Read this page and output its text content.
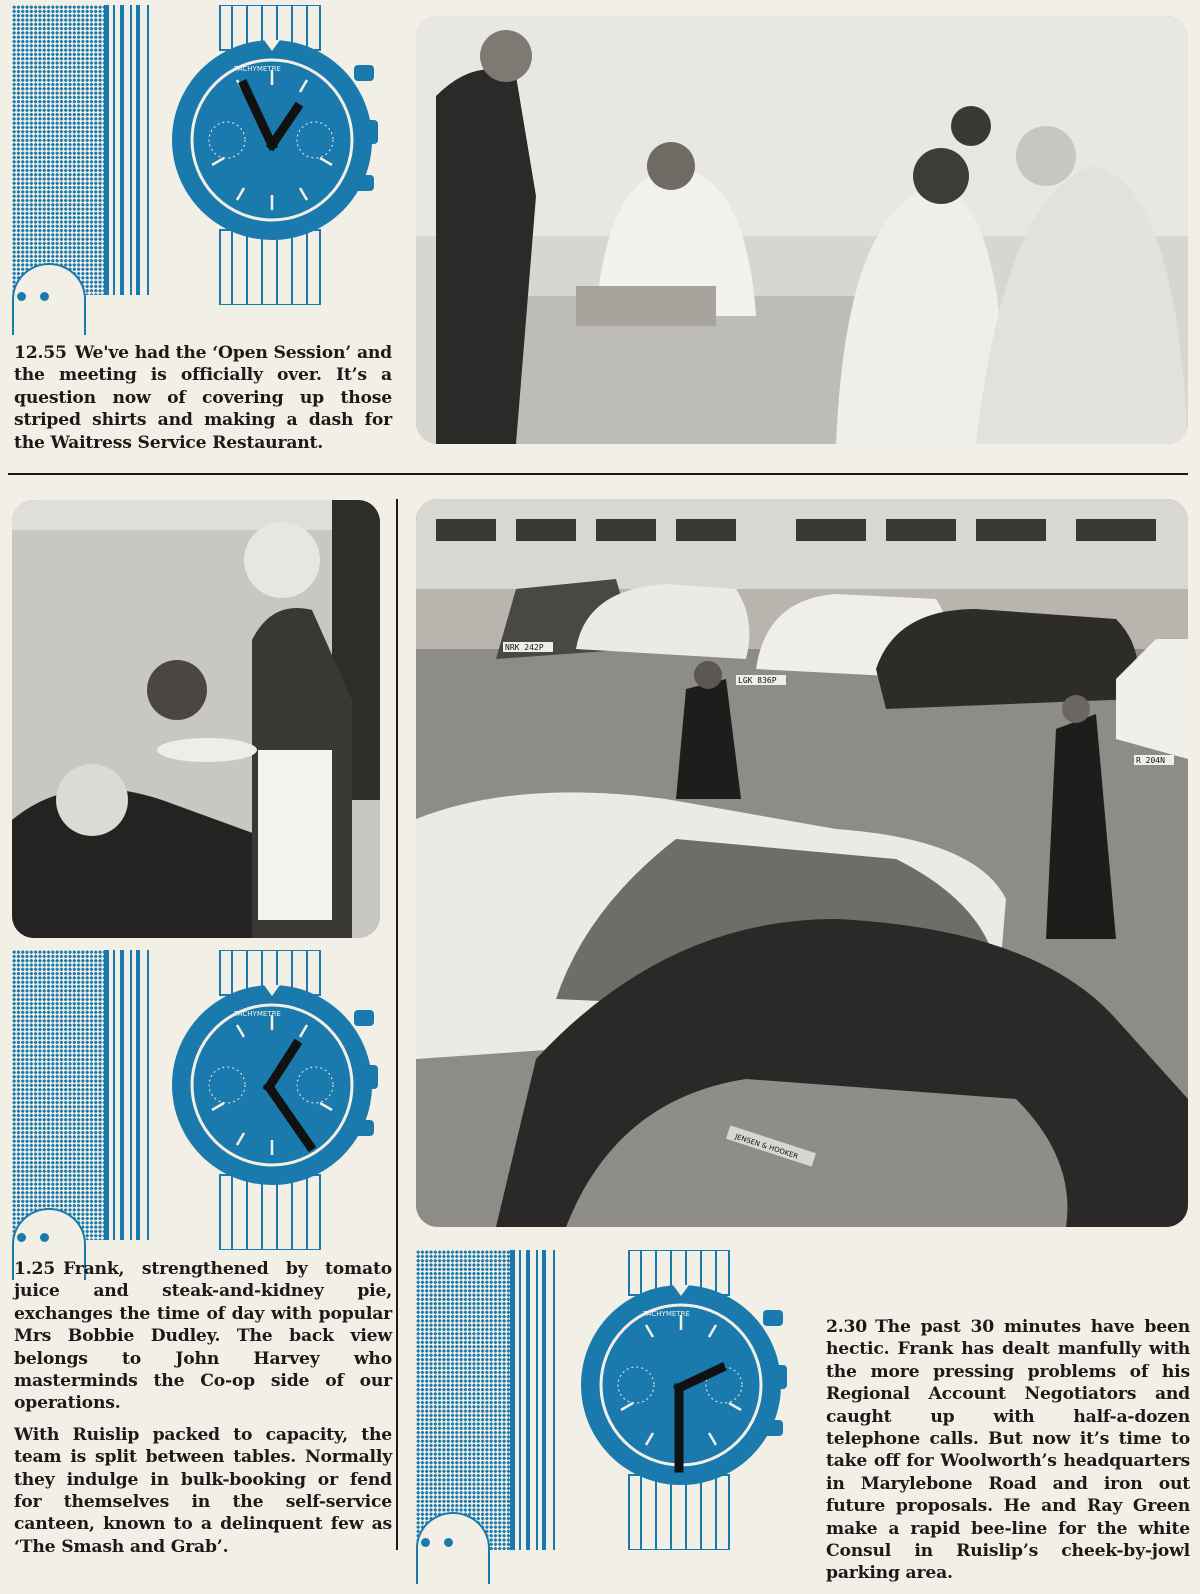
TACHYMETRE

12.55 We've had the ‘Open Session’ and the meeting is officially over. It’s a question now of covering up those striped shirts and making a dash for the Waitress Service Restaurant.

TACHYMETRE

1.25 Frank, strengthened by tomato juice and steak-and-kidney pie, exchanges the time of day with popular Mrs Bobbie Dudley. The back view belongs to John Harvey who masterminds the Co-op side of our operations.

With Ruislip packed to capacity, the team is split between tables. Normally they indulge in bulk-booking or fend for themselves in the self-service canteen, known to a delinquent few as ‘The Smash and Grab’.

NRK 242P
LGK 836P
R 204N
JENSEN & HOOKER
TACHYMETRE

2.30 The past 30 minutes have been hectic. Frank has dealt manfully with the more pressing problems of his Regional Account Negotiators and caught up with half-a-dozen telephone calls. But now it’s time to take off for Woolworth’s headquarters in Marylebone Road and iron out future proposals. He and Ray Green make a rapid bee-line for the white Consul in Ruislip’s cheek-by-jowl parking area.
